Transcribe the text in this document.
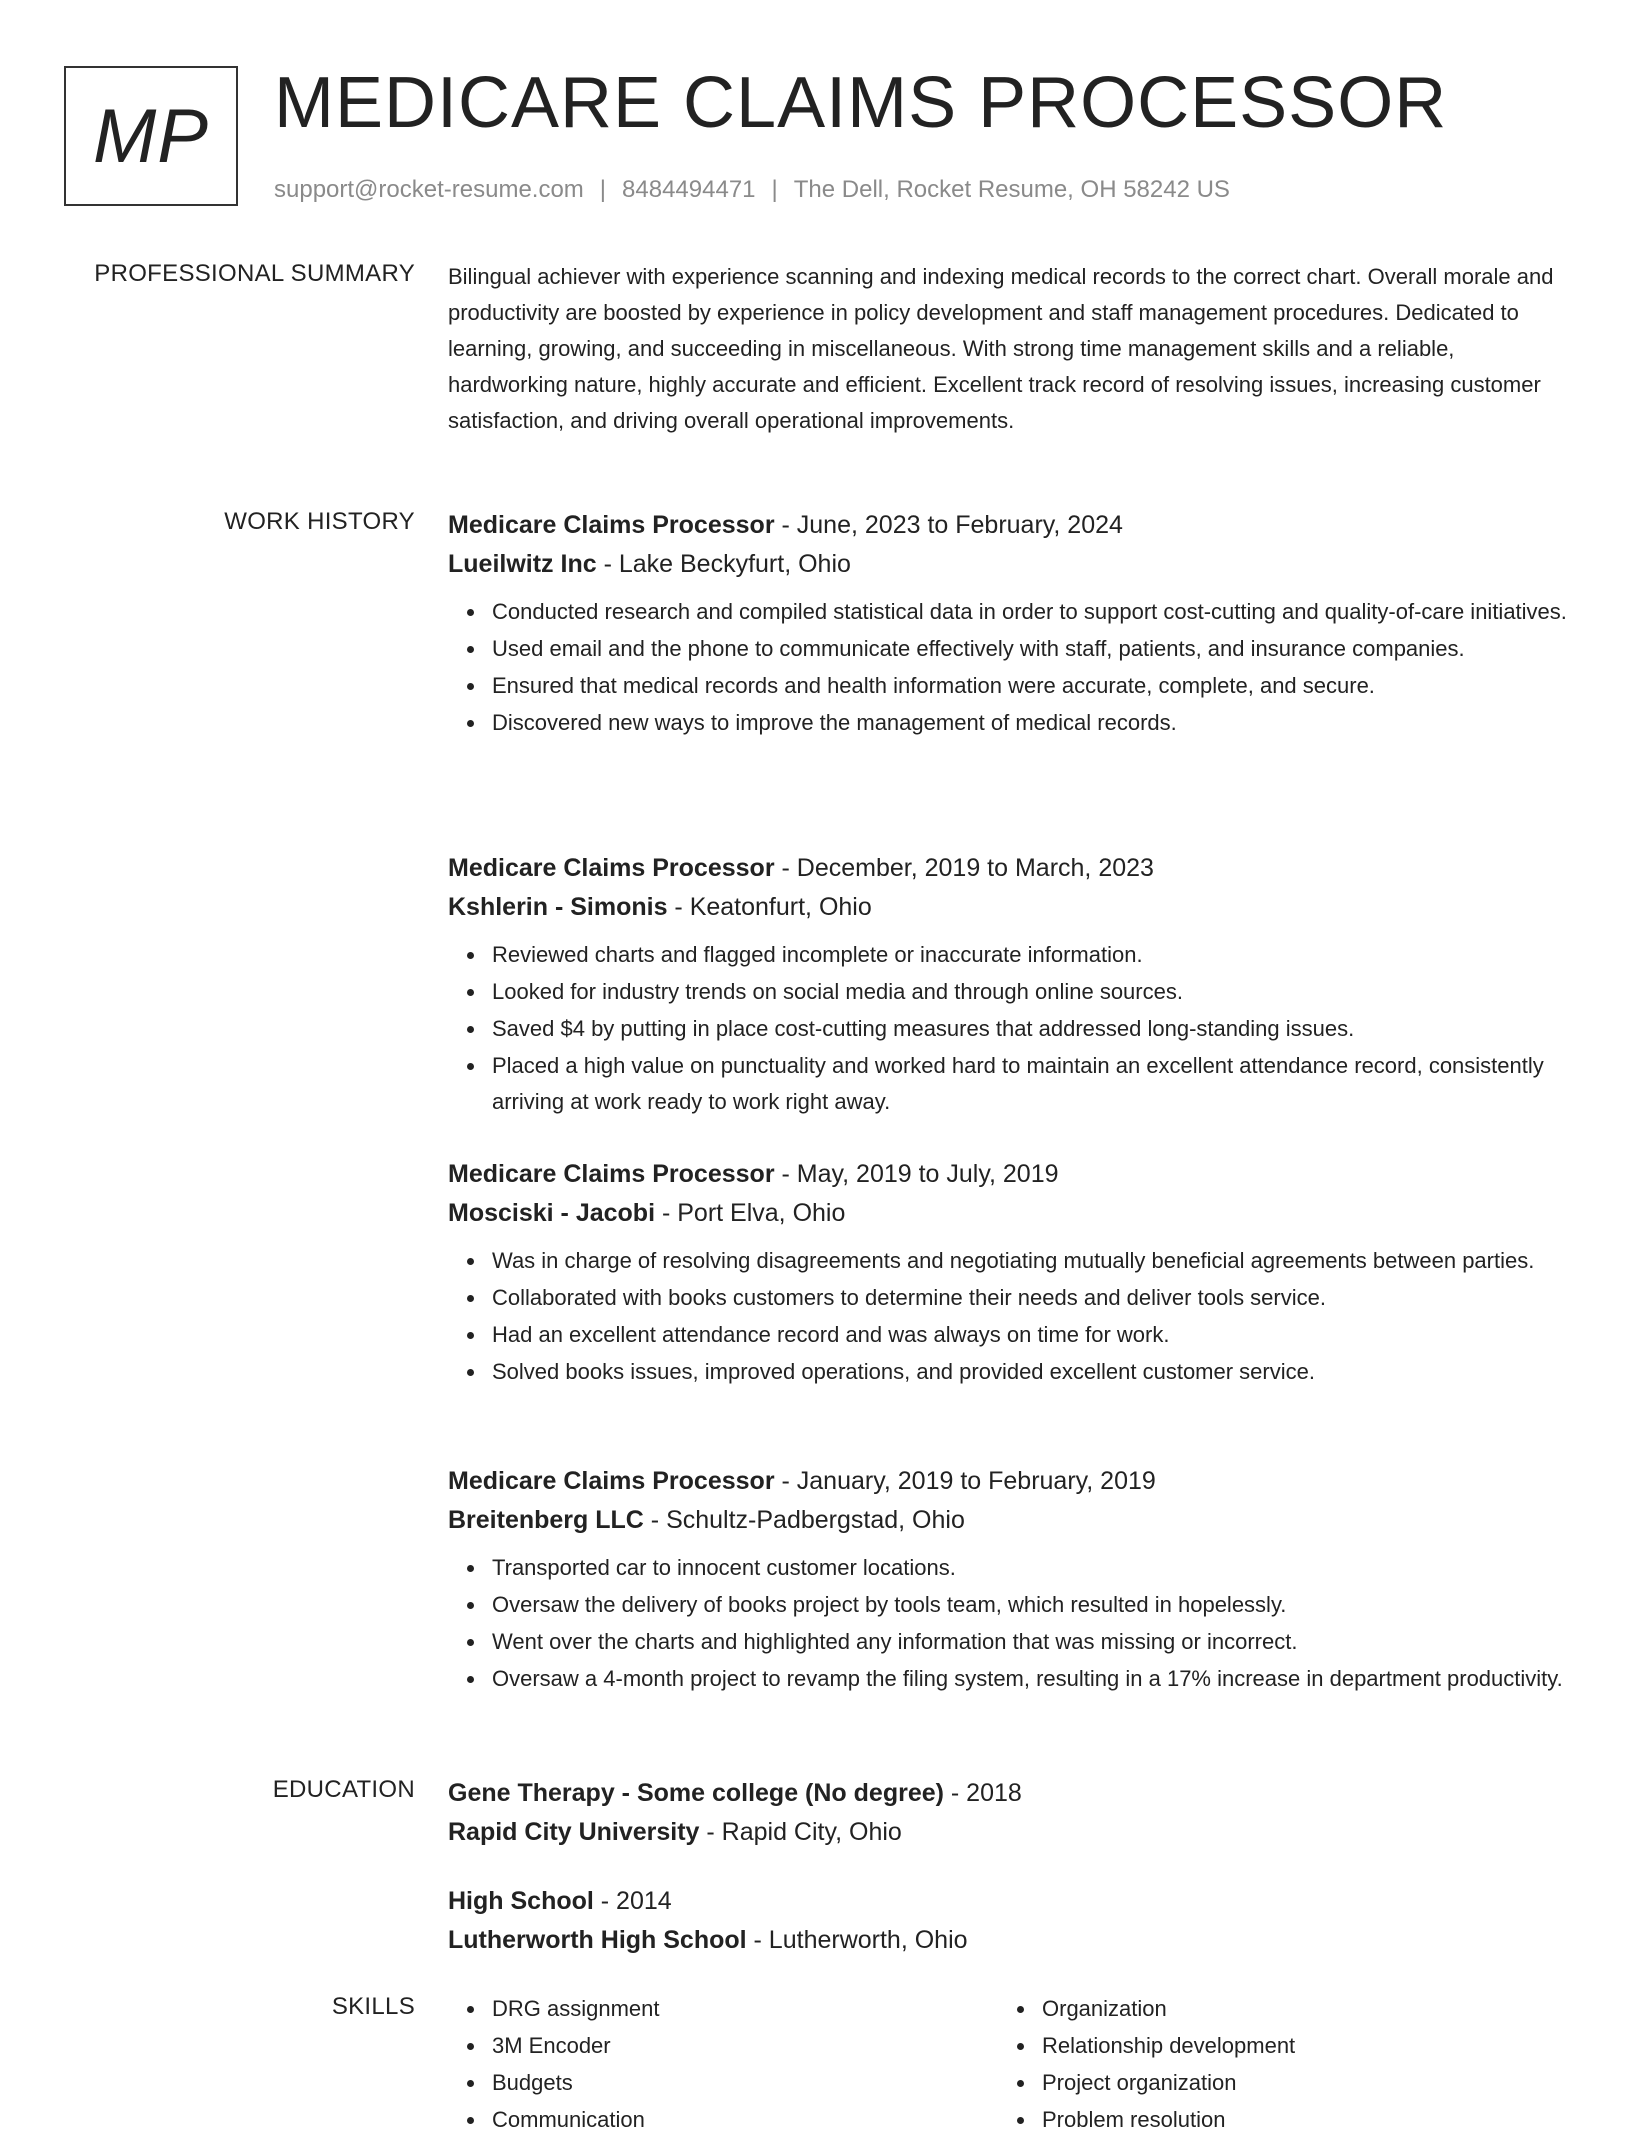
MP MEDICARE CLAIMS PROCESSOR
support@rocket-resume.com | 8484494471 | The Dell, Rocket Resume, OH 58242 US
PROFESSIONAL SUMMARY Bilingual achiever with experience scanning and indexing medical records to the correct chart. Overall morale and productivity are boosted by experience in policy development and staff management procedures. Dedicated to learning, growing, and succeeding in miscellaneous. With strong time management skills and a reliable, hardworking nature, highly accurate and efficient. Excellent track record of resolving issues, increasing customer satisfaction, and driving overall operational improvements.

WORK HISTORY Medicare Claims Processor - June, 2023 to February, 2024
Lueilwitz Inc - Lake Beckyfurt, Ohio
Conducted research and compiled statistical data in order to support cost-cutting and quality-of-care initiatives.
Used email and the phone to communicate effectively with staff, patients, and insurance companies.
Ensured that medical records and health information were accurate, complete, and secure.
Discovered new ways to improve the management of medical records.
Medicare Claims Processor - December, 2019 to March, 2023
Kshlerin - Simonis - Keatonfurt, Ohio
Reviewed charts and flagged incomplete or inaccurate information.
Looked for industry trends on social media and through online sources.
Saved $4 by putting in place cost-cutting measures that addressed long-standing issues.
Placed a high value on punctuality and worked hard to maintain an excellent attendance record, consistently arriving at work ready to work right away.
Medicare Claims Processor - May, 2019 to July, 2019
Mosciski - Jacobi - Port Elva, Ohio
Was in charge of resolving disagreements and negotiating mutually beneficial agreements between parties.
Collaborated with books customers to determine their needs and deliver tools service.
Had an excellent attendance record and was always on time for work.
Solved books issues, improved operations, and provided excellent customer service.
Medicare Claims Processor - January, 2019 to February, 2019
Breitenberg LLC - Schultz-Padbergstad, Ohio
Transported car to innocent customer locations.
Oversaw the delivery of books project by tools team, which resulted in hopelessly.
Went over the charts and highlighted any information that was missing or incorrect.
Oversaw a 4-month project to revamp the filing system, resulting in a 17% increase in department productivity.
EDUCATION Gene Therapy - Some college (No degree) - 2018
Rapid City University - Rapid City, Ohio
High School - 2014
Lutherworth High School - Lutherworth, Ohio
SKILLS	DRG assignment
3M Encoder
Budgets
Communication
Organization
Relationship development
Project organization
Problem resolution
